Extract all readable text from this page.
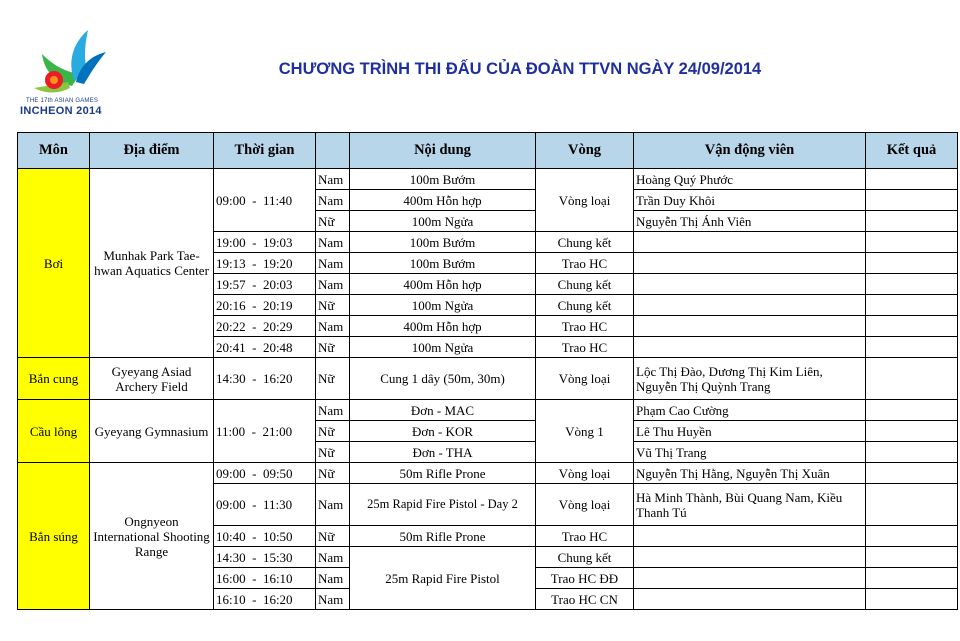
THE 17th ASIAN GAMES
INCHEON 2014
CHƯƠNG TRÌNH THI ĐẤU CỦA ĐOÀN TTVN NGÀY 24/09/2014
Môn	Địa điểm	Thời gian		Nội dung	Vòng	Vận động viên	Kết quả
Bơi	Munhak Park Tae-hwan Aquatics Center	09:00  -  11:40	Nam	100m Bướm	Vòng loại	Hoàng Quý Phước	
			Nam	400m Hỗn hợp		Trần Duy Khôi	
			Nữ	100m Ngửa		Nguyễn Thị Ánh Viên	
		19:00  -  19:03	Nam	100m Bướm	Chung kết		
		19:13  -  19:20	Nam	100m Bướm	Trao HC		
		19:57  -  20:03	Nam	400m Hỗn hợp	Chung kết		
		20:16  -  20:19	Nữ	100m Ngửa	Chung kết		
		20:22  -  20:29	Nam	400m Hỗn hợp	Trao HC		
		20:41  -  20:48	Nữ	100m Ngửa	Trao HC		
Bắn cung	Gyeyang Asiad Archery Field	14:30  -  16:20	Nữ	Cung 1 dây (50m, 30m)	Vòng loại	Lộc Thị Đào, Dương Thị Kim Liên, Nguyễn Thị Quỳnh Trang	
Cầu lông	Gyeyang Gymnasium	11:00  -  21:00	Nam	Đơn - MAC	Vòng 1	Phạm Cao Cường	
			Nữ	Đơn - KOR		Lê Thu Huyền	
			Nữ	Đơn - THA		Vũ Thị Trang	
Bắn súng	Ongnyeon International Shooting Range	09:00  -  09:50	Nữ	50m Rifle Prone	Vòng loại	Nguyễn Thị Hằng, Nguyễn Thị Xuân	
		09:00  -  11:30	Nam	25m Rapid Fire Pistol - Day 2	Vòng loại	Hà Minh Thành, Bùi Quang Nam, Kiều Thanh Tú	
		10:40  -  10:50	Nữ	50m Rifle Prone	Trao HC		
		14:30  -  15:30	Nam	25m Rapid Fire Pistol	Chung kết		
		16:00  -  16:10	Nam		Trao HC ĐĐ		
		16:10  -  16:20	Nam		Trao HC CN		
